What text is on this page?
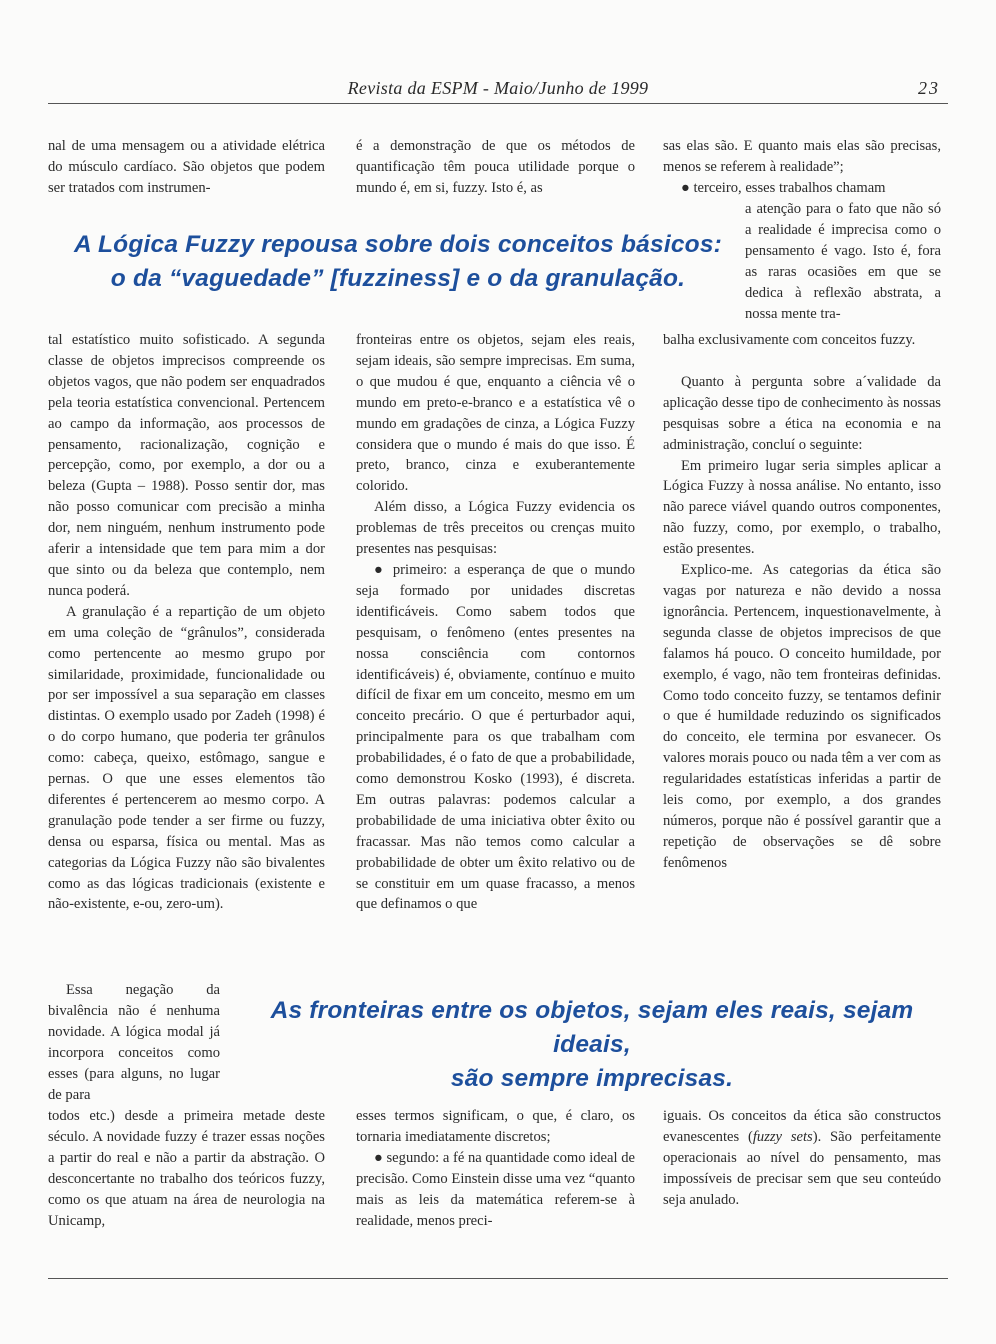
Revista da ESPM - Maio/Junho de 1999	23

nal de uma mensagem ou a atividade elétrica do músculo cardíaco. São objetos que podem ser tratados com instrumen-

tal estatístico muito sofisticado. A segunda classe de objetos imprecisos compreende os objetos vagos, que não podem ser enquadrados pela teoria estatística convencional. Pertencem ao campo da informação, aos processos de pensamento, racionalização, cognição e percepção, como, por exemplo, a dor ou a beleza (Gupta – 1988). Posso sentir dor, mas não posso comunicar com precisão a minha dor, nem ninguém, nenhum instrumento pode aferir a intensidade que tem para mim a dor que sinto ou da beleza que contemplo, nem nunca poderá.

A granulação é a repartição de um objeto em uma coleção de “grânulos”, considerada como pertencente ao mesmo grupo por similaridade, proximidade, funcionalidade ou por ser impossível a sua separação em classes distintas. O exemplo usado por Zadeh (1998) é o do corpo humano, que poderia ter grânulos como: cabeça, queixo, estômago, sangue e pernas. O que une esses elementos tão diferentes é pertencerem ao mesmo corpo. A granulação pode tender a ser firme ou fuzzy, densa ou esparsa, física ou mental. Mas as categorias da Lógica Fuzzy não são bivalentes como as das lógicas tradicionais (existente e não-existente, e-ou, zero-um).

Essa negação da bivalência não é nenhuma novidade. A lógica modal já incorpora conceitos como esses (para alguns, no lugar de para

todos etc.) desde a primeira metade deste século. A novidade fuzzy é trazer essas noções a partir do real e não a partir da abstração. O desconcertante no trabalho dos teóricos fuzzy, como os que atuam na área de neurologia na Unicamp,

é a demonstração de que os métodos de quantificação têm pouca utilidade porque o mundo é, em si, fuzzy. Isto é, as

fronteiras entre os objetos, sejam eles reais, sejam ideais, são sempre imprecisas. Em suma, o que mudou é que, enquanto a ciência vê o mundo em preto-e-branco e a estatística vê o mundo em gradações de cinza, a Lógica Fuzzy considera que o mundo é mais do que isso. É preto, branco, cinza e exuberantemente colorido.

Além disso, a Lógica Fuzzy evidencia os problemas de três preceitos ou crenças muito presentes nas pesquisas:

● primeiro: a esperança de que o mundo seja formado por unidades discretas identificáveis. Como sabem todos que pesquisam, o fenômeno (entes presentes na nossa consciência com contornos identificáveis) é, obviamente, contínuo e muito difícil de fixar em um conceito, mesmo em um conceito precário. O que é perturbador aqui, principalmente para os que trabalham com probabilidades, é o fato de que a probabilidade, como demonstrou Kosko (1993), é discreta. Em outras palavras: podemos calcular a probabilidade de uma iniciativa obter êxito ou fracassar. Mas não temos como calcular a probabilidade de obter um êxito relativo ou de se constituir em um quase fracasso, a menos que definamos o que

esses termos significam, o que, é claro, os tornaria imediatamente discretos;

● segundo: a fé na quantidade como ideal de precisão. Como Einstein disse uma vez “quanto mais as leis da matemática referem-se à realidade, menos preci-

sas elas são. E quanto mais elas são precisas, menos se referem à realidade”;

● terceiro, esses trabalhos chamam

a atenção para o fato que não só a realidade é imprecisa como o pensamento é vago. Isto é, fora as raras ocasiões em que se dedica à reflexão abstrata, a nossa mente tra-

balha exclusivamente com conceitos fuzzy.

Quanto à pergunta sobre a´validade da aplicação desse tipo de conhecimento às nossas pesquisas sobre a ética na economia e na administração, concluí o seguinte:

Em primeiro lugar seria simples aplicar a Lógica Fuzzy à nossa análise. No entanto, isso não parece viável quando outros componentes, não fuzzy, como, por exemplo, o trabalho, estão presentes.

Explico-me. As categorias da ética são vagas por natureza e não devido a nossa ignorância. Pertencem, inquestionavelmente, à segunda classe de objetos imprecisos de que falamos há pouco. O conceito humildade, por exemplo, é vago, não tem fronteiras definidas. Como todo conceito fuzzy, se tentamos definir o que é humildade reduzindo os significados do conceito, ele termina por esvanecer. Os valores morais pouco ou nada têm a ver com as regularidades estatísticas inferidas a partir de leis como, por exemplo, a dos grandes números, porque não é possível garantir que a repetição de observações se dê sobre fenômenos

iguais. Os conceitos da ética são constructos evanescentes (fuzzy sets). São perfeitamente operacionais ao nível do pensamento, mas impossíveis de precisar sem que seu conteúdo seja anulado.

A Lógica Fuzzy repousa sobre dois conceitos básicos:
o da “vaguedade” [fuzziness] e o da granulação.
As fronteiras entre os objetos, sejam eles reais, sejam ideais,
são sempre imprecisas.
